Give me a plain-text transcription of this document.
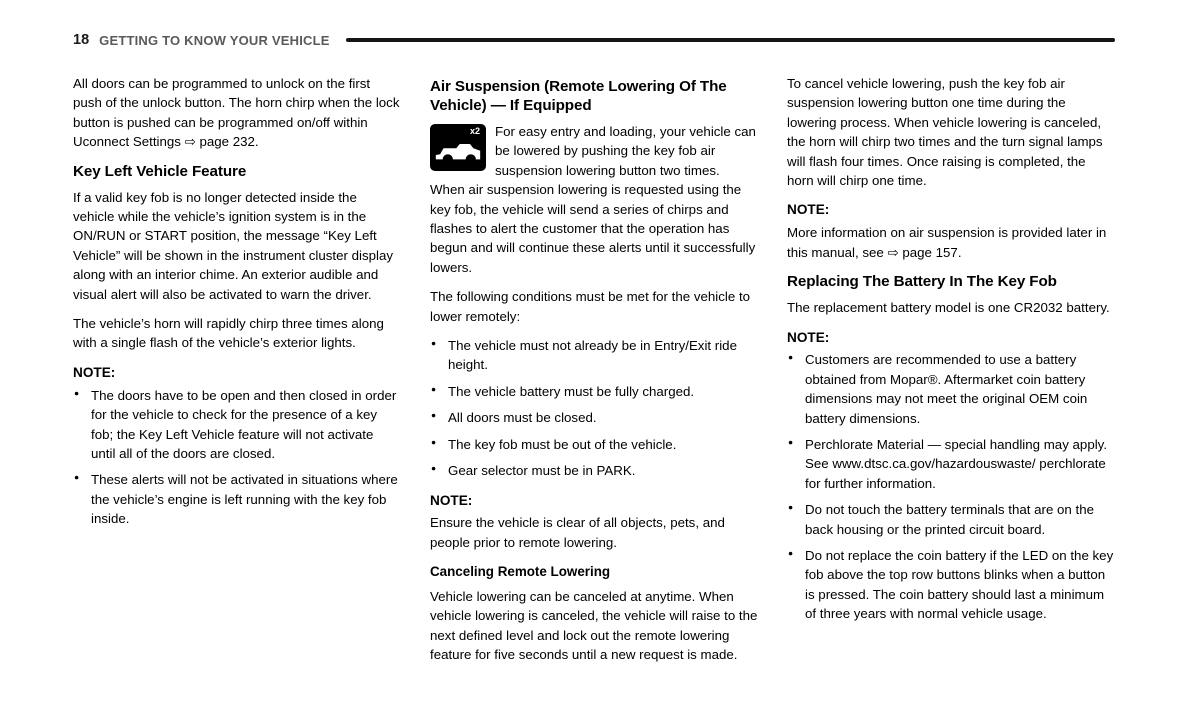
18 GETTING TO KNOW YOUR VEHICLE

All doors can be programmed to unlock on the first push of the unlock button. The horn chirp when the lock button is pushed can be programmed on/off within Uconnect Settings ⇨ page 232.

Key Left Vehicle Feature

If a valid key fob is no longer detected inside the vehicle while the vehicle’s ignition system is in the ON/RUN or START position, the message “Key Left Vehicle” will be shown in the instrument cluster display along with an interior chime. An exterior audible and visual alert will also be activated to warn the driver.

The vehicle’s horn will rapidly chirp three times along with a single flash of the vehicle’s exterior lights.

NOTE:
● The doors have to be open and then closed in order for the vehicle to check for the presence of a key fob; the Key Left Vehicle feature will not activate until all of the doors are closed.
● These alerts will not be activated in situations where the vehicle’s engine is left running with the key fob inside.
Air Suspension (Remote Lowering Of The Vehicle) — If Equipped
x2	For easy entry and loading, your vehicle can be lowered by pushing the key fob air suspension lowering button two times. When air suspension lowering is requested using the key fob, the vehicle will send a series of chirps and flashes to alert the customer that the operation has begun and will continue these alerts until it successfully lowers.

The following conditions must be met for the vehicle to lower remotely:

● The vehicle must not already be in Entry/Exit ride height.
● The vehicle battery must be fully charged.
● All doors must be closed.
● The key fob must be out of the vehicle.
● Gear selector must be in PARK.
NOTE:

Ensure the vehicle is clear of all objects, pets, and people prior to remote lowering.

Canceling Remote Lowering

Vehicle lowering can be canceled at anytime. When vehicle lowering is canceled, the vehicle will raise to the next defined level and lock out the remote lowering feature for five seconds until a new request is made.

To cancel vehicle lowering, push the key fob air suspension lowering button one time during the lowering process. When vehicle lowering is canceled, the horn will chirp two times and the turn signal lamps will flash four times. Once raising is completed, the horn will chirp one time.

NOTE:

More information on air suspension is provided later in this manual, see ⇨ page 157.

Replacing The Battery In The Key Fob

The replacement battery model is one CR2032 battery.

NOTE:
● Customers are recommended to use a battery obtained from Mopar®. Aftermarket coin battery dimensions may not meet the original OEM coin battery dimensions.
● Perchlorate Material — special handling may apply. See www.dtsc.ca.gov/hazardouswaste/ perchlorate for further information.
● Do not touch the battery terminals that are on the back housing or the printed circuit board.
● Do not replace the coin battery if the LED on the key fob above the top row buttons blinks when a button is pressed. The coin battery should last a minimum of three years with normal vehicle usage.
